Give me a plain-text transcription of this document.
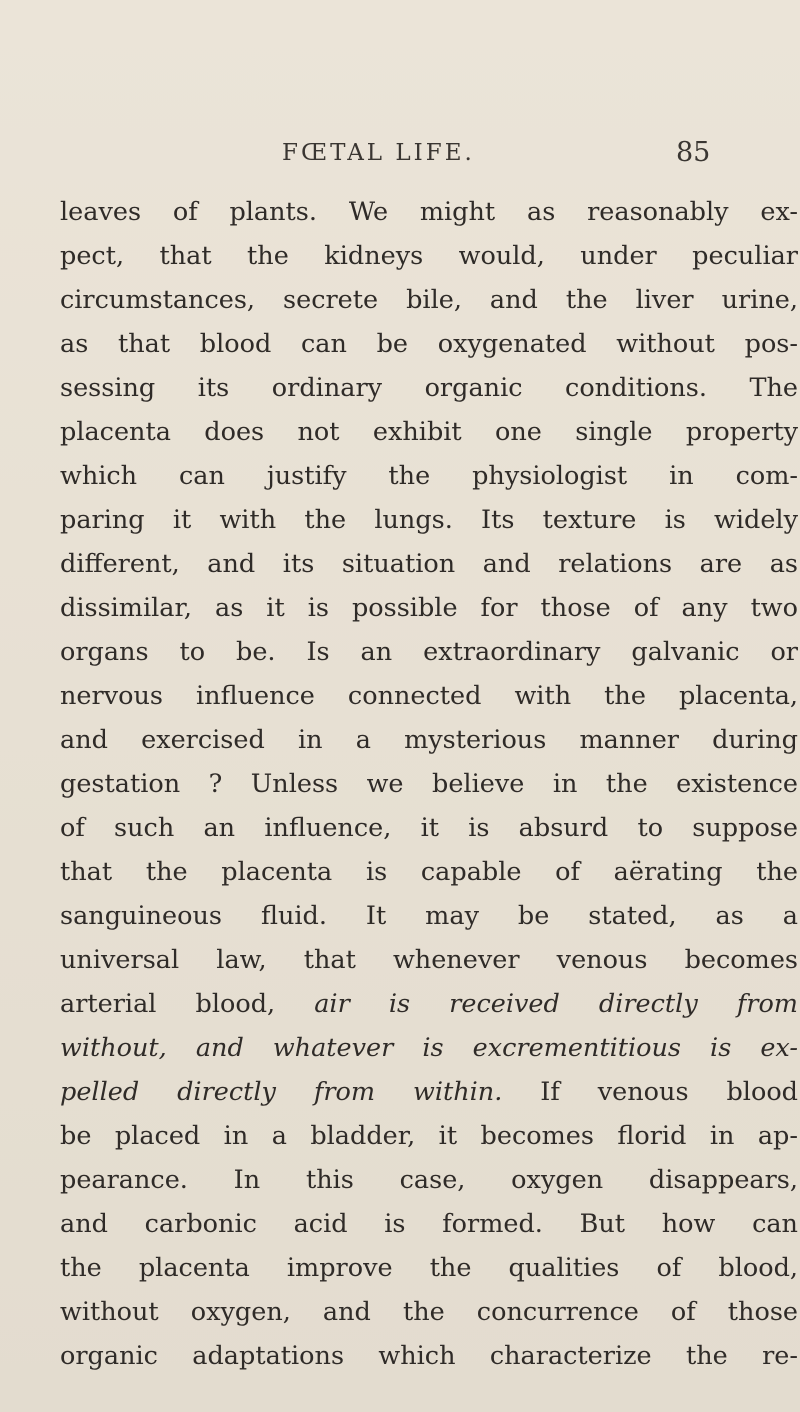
FŒTAL LIFE.	85
leaves of plants. We might as reasonably ex-
pect, that the kidneys would, under peculiar
circumstances, secrete bile, and the liver urine,
as that blood can be oxygenated without pos-
sessing its ordinary organic conditions. The
placenta does not exhibit one single property
which can justify the physiologist in com-
paring it with the lungs. Its texture is widely
different, and its situation and relations are as
dissimilar, as it is possible for those of any two
organs to be. Is an extraordinary galvanic or
nervous influence connected with the placenta,
and exercised in a mysterious manner during
gestation ? Unless we believe in the existence
of such an influence, it is absurd to suppose
that the placenta is capable of aërating the
sanguineous fluid. It may be stated, as a
universal law, that whenever venous becomes
arterial blood, air is received directly from
without, and whatever is excrementitious is ex-
pelled directly from within. If venous blood
be placed in a bladder, it becomes florid in ap-
pearance. In this case, oxygen disappears,
and carbonic acid is formed. But how can
the placenta improve the qualities of blood,
without oxygen, and the concurrence of those
organic adaptations which characterize the re-
